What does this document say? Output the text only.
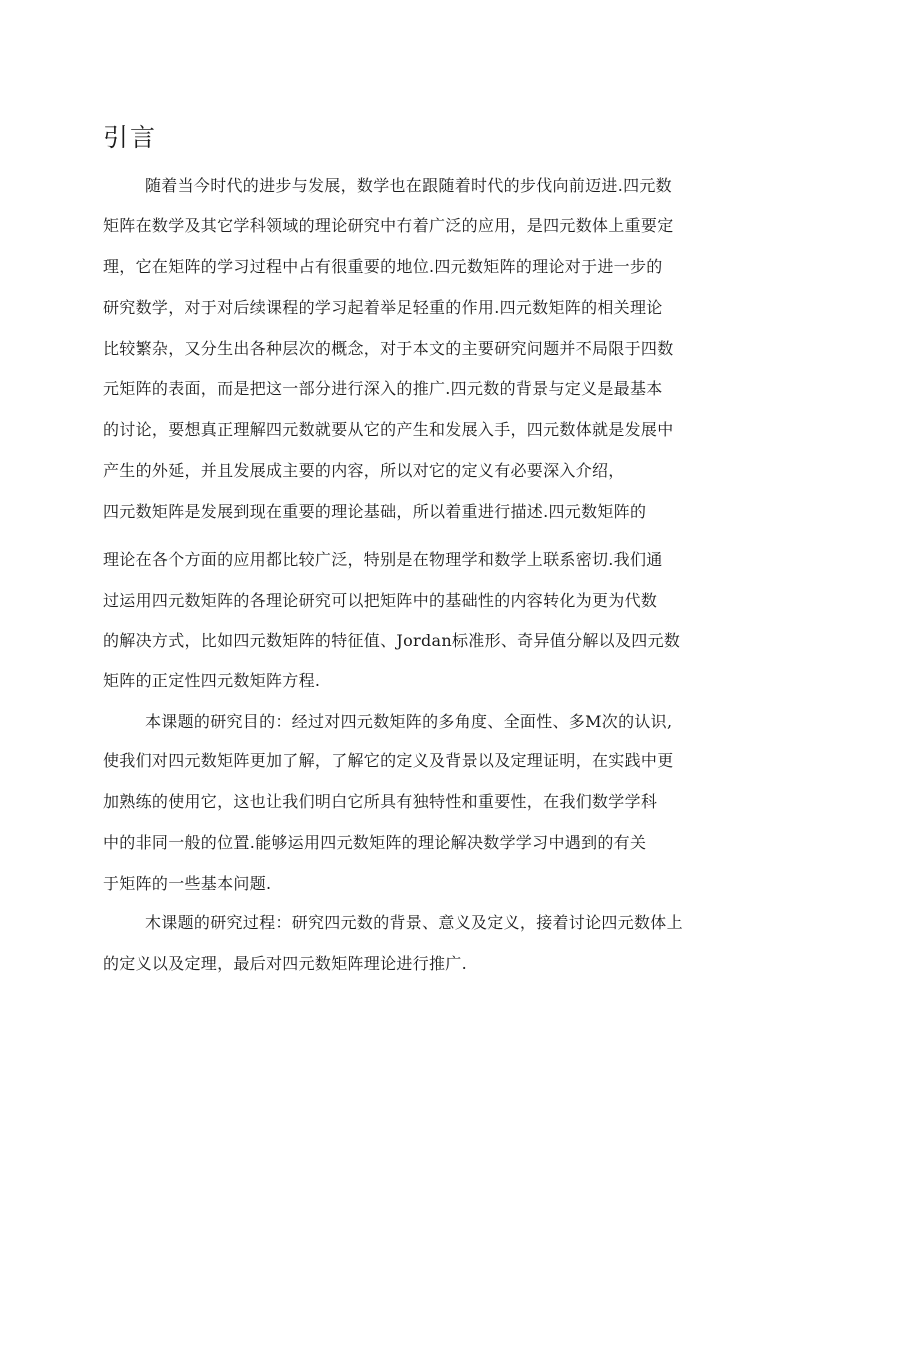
引言
随着当今时代的进步与发展，数学也在跟随着时代的步伐向前迈进.四元数
矩阵在数学及其它学科领域的理论研究中冇着广泛的应用，是四元数体上重要定
理，它在矩阵的学习过程中占有很重要的地位.四元数矩阵的理论对于进一步的
研究数学，对于对后续课程的学习起着举足轻重的作用.四元数矩阵的相关理论
比较繁杂，又分生出各种层次的概念，对于本文的主要研究问题并不局限于四数
元矩阵的表面，而是把这一部分进行深入的推广.四元数的背景与定义是最基本
的讨论，要想真正理解四元数就要从它的产生和发展入手，四元数体就是发展中
产生的外延，并且发展成主要的内容，所以对它的定义有必要深入介绍，
四元数矩阵是发展到现在重要的理论基础，所以着重进行描述.四元数矩阵的
理论在各个方面的应用都比较广泛，特别是在物理学和数学上联系密切.我们通
过运用四元数矩阵的各理论研究可以把矩阵中的基础性的内容转化为更为代数
的解决方式，比如四元数矩阵的特征值、Jordan标准形、奇异值分解以及四元数
矩阵的正定性四元数矩阵方程.
本课题的研究目的：经过对四元数矩阵的多角度、全面性、多M次的认识,
使我们对四元数矩阵更加了解，了解它的定义及背景以及定理证明，在实践中更
加熟练的使用它，这也让我们明白它所具有独特性和重要性，在我们数学学科
中的非同一般的位置.能够运用四元数矩阵的理论解决数学学习中遇到的有关
于矩阵的一些基本问题.
木课题的研究过程：研究四元数的背景、意义及定义，接着讨论四元数体上
的定义以及定理，最后对四元数矩阵理论进行推广.
